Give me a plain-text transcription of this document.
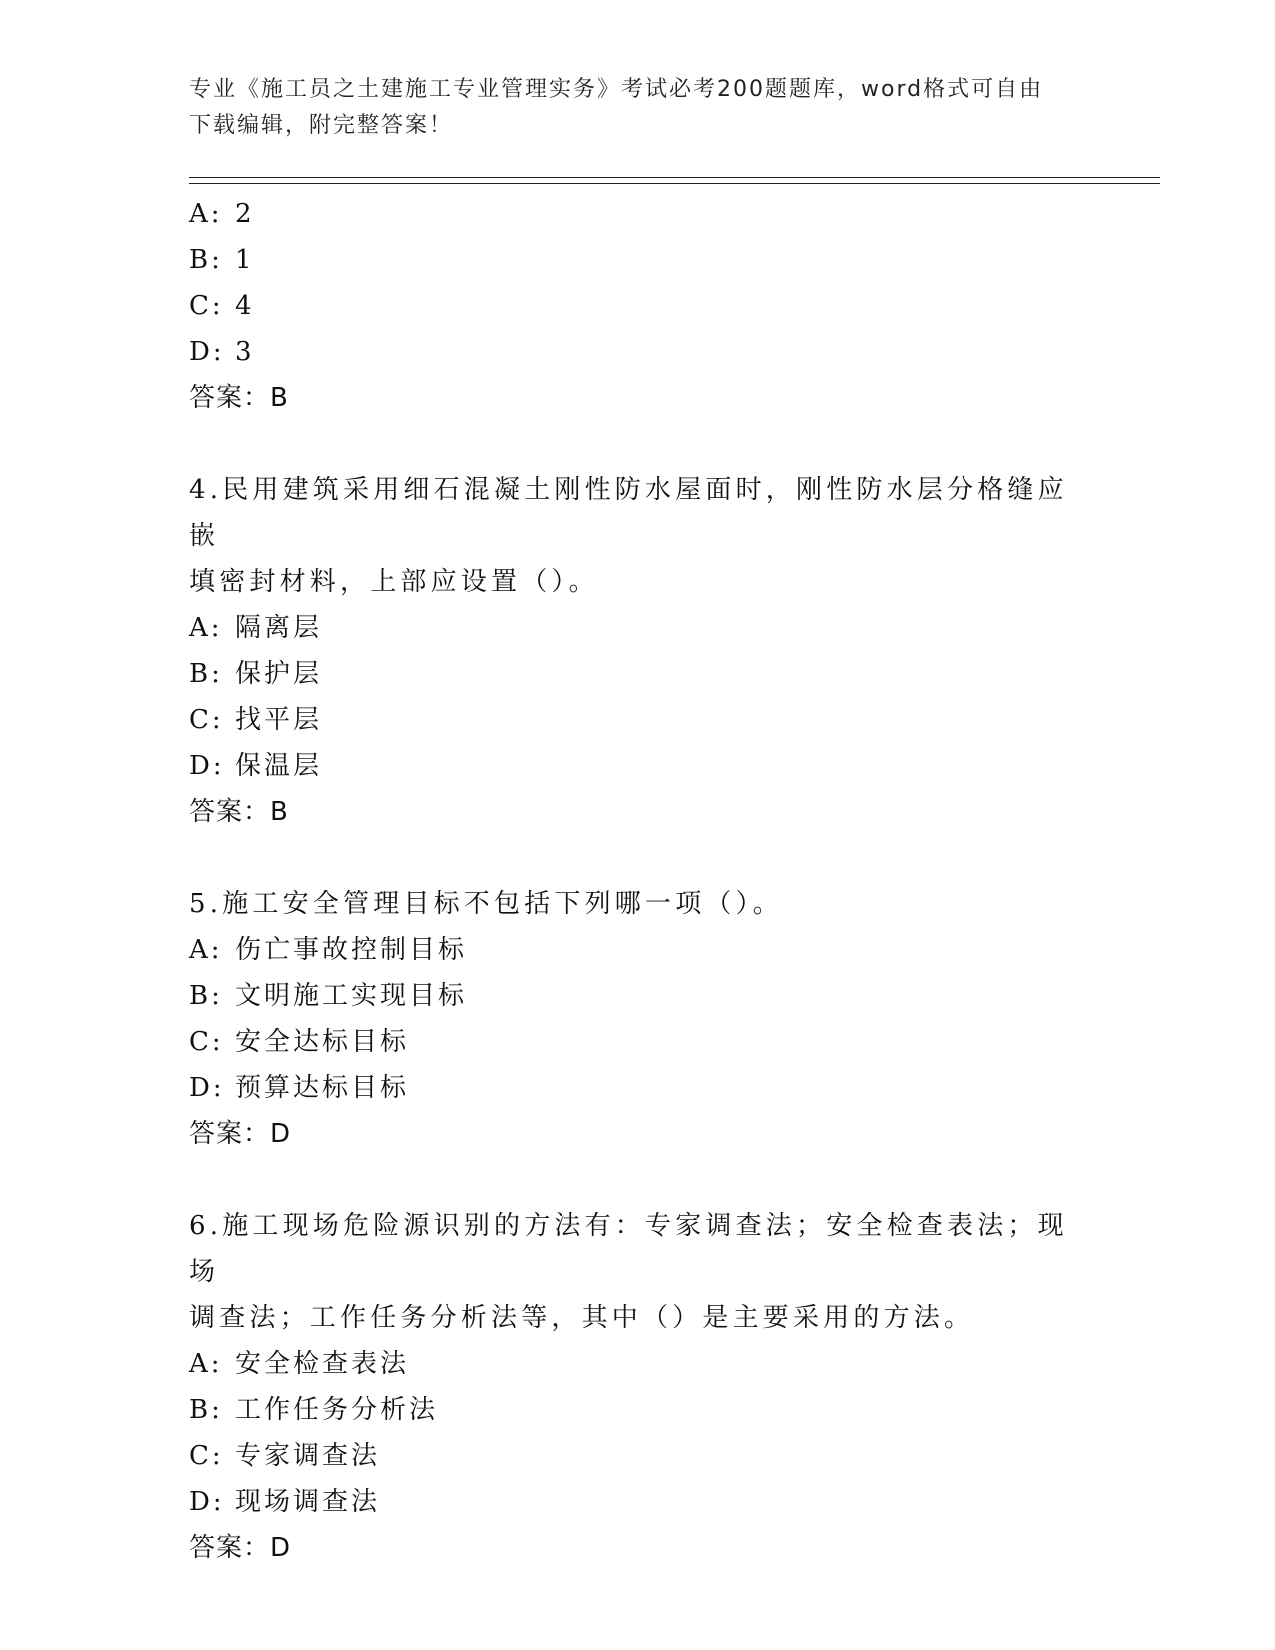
专业《施工员之土建施工专业管理实务》考试必考200题题库，word格式可自由
下载编辑，附完整答案！
A: 2
B: 1
C: 4
D: 3
答案：B
4.民用建筑采用细石混凝土刚性防水屋面时，刚性防水层分格缝应嵌
填密封材料，上部应设置（）。
A: 隔离层
B: 保护层
C: 找平层
D: 保温层
答案：B
5.施工安全管理目标不包括下列哪一项（）。
A: 伤亡事故控制目标
B: 文明施工实现目标
C: 安全达标目标
D: 预算达标目标
答案：D
6.施工现场危险源识别的方法有：专家调查法；安全检查表法；现场
调查法；工作任务分析法等，其中（）是主要采用的方法。
A: 安全检查表法
B: 工作任务分析法
C: 专家调查法
D: 现场调查法
答案：D
